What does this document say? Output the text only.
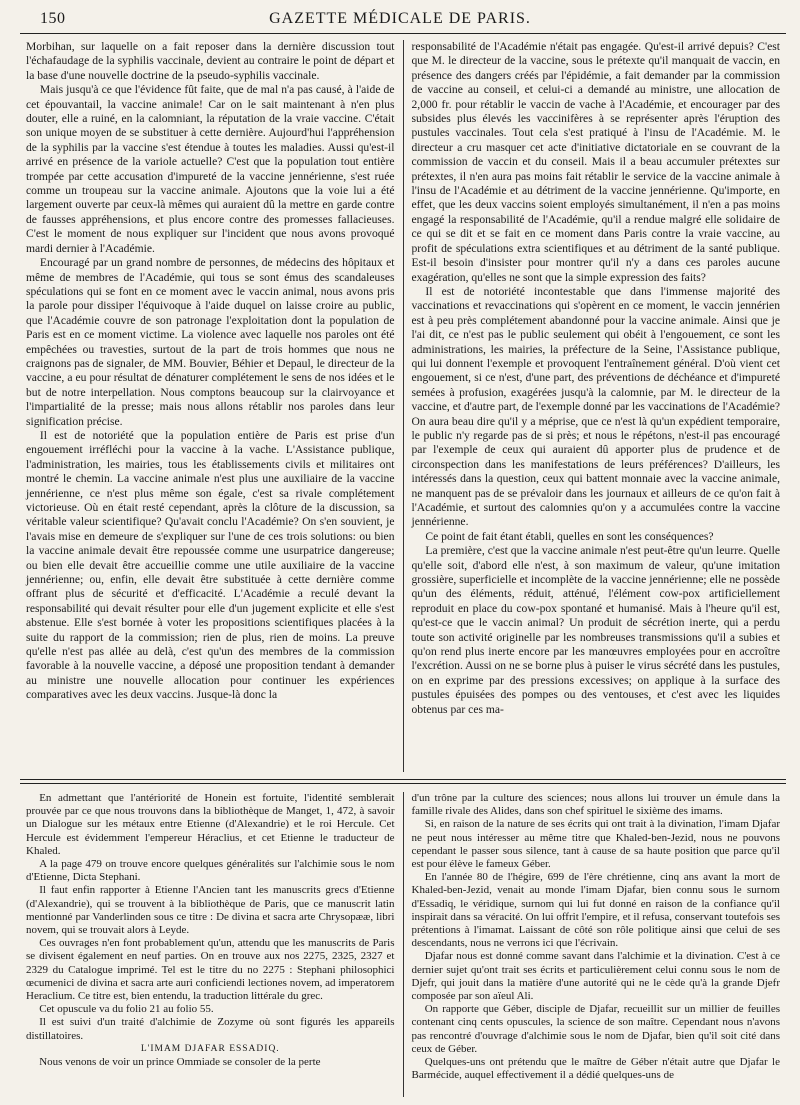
150	GAZETTE MÉDICALE DE PARIS.

Morbihan, sur laquelle on a fait reposer dans la dernière discussion tout l'échafaudage de la syphilis vaccinale, devient au contraire le point de départ et la base d'une nouvelle doctrine de la pseudo-syphilis vaccinale.

Mais jusqu'à ce que l'évidence fût faite, que de mal n'a pas causé, à l'aide de cet épouvantail, la vaccine animale! Car on le sait maintenant à n'en plus douter, elle a ruiné, en la calomniant, la réputation de la vraie vaccine. C'était son unique moyen de se substituer à cette dernière. Aujourd'hui l'appréhension de la syphilis par la vaccine s'est étendue à toutes les maladies. Aussi qu'est-il arrivé en présence de la variole actuelle? C'est que la population tout entière trompée par cette accusation d'impureté de la vaccine jennérienne, s'est ruée comme un troupeau sur la vaccine animale. Ajoutons que la voie lui a été largement ouverte par ceux-là mêmes qui auraient dû la mettre en garde contre de fausses appréhensions, et plus encore contre des promesses fallacieuses. C'est le moment de nous expliquer sur l'incident que nous avons provoqué mardi dernier à l'Académie.

Encouragé par un grand nombre de personnes, de médecins des hôpitaux et même de membres de l'Académie, qui tous se sont émus des scandaleuses spéculations qui se font en ce moment avec le vaccin animal, nous avons pris la parole pour dissiper l'équivoque à l'aide duquel on laisse croire au public, que l'Académie couvre de son patronage l'exploitation dont la population de Paris est en ce moment victime. La violence avec laquelle nos paroles ont été empêchées ou travesties, surtout de la part de trois hommes que nous ne craignons pas de signaler, de MM. Bouvier, Béhier et Depaul, le directeur de la vaccine, a eu pour résultat de dénaturer complétement le sens de nos idées et le but de notre interpellation. Nous comptons beaucoup sur la clairvoyance et l'impartialité de la presse; mais nous allons rétablir nos paroles dans leur signification précise.

Il est de notoriété que la population entière de Paris est prise d'un engouement irréfléchi pour la vaccine à la vache. L'Assistance publique, l'administration, les mairies, tous les établissements civils et militaires ont montré le chemin. La vaccine animale n'est plus une auxiliaire de la vaccine jennérienne, ce n'est plus même son égale, c'est sa rivale complétement victorieuse. Où en était resté cependant, après la clôture de la discussion, sa véritable valeur scientifique? Qu'avait conclu l'Académie? On s'en souvient, je l'avais mise en demeure de s'expliquer sur l'une de ces trois solutions: ou bien la vaccine animale devait être repoussée comme une usurpatrice dangereuse; ou bien elle devait être accueillie comme une utile auxiliaire de la vaccine jennérienne; ou, enfin, elle devait être substituée à cette dernière comme offrant plus de sécurité et d'efficacité. L'Académie a reculé devant la responsabilité qui devait résulter pour elle d'un jugement explicite et elle s'est abstenue. Elle s'est bornée à voter les propositions scientifiques placées à la suite du rapport de la commission; rien de plus, rien de moins. La preuve qu'elle n'est pas allée au delà, c'est qu'un des membres de la commission favorable à la nouvelle vaccine, a déposé une proposition tendant à demander au ministre une nouvelle allocation pour continuer les expériences comparatives avec les deux vaccins. Jusque-là donc la

responsabilité de l'Académie n'était pas engagée. Qu'est-il arrivé depuis? C'est que M. le directeur de la vaccine, sous le prétexte qu'il manquait de vaccin, en présence des dangers créés par l'épidémie, a fait demander par la commission de vaccine au conseil, et celui-ci a demandé au ministre, une allocation de 2,000 fr. pour rétablir le vaccin de vache à l'Académie, et encourager par des subsides plus élevés les vaccinifères à se représenter après l'éruption des pustules vaccinales. Tout cela s'est pratiqué à l'insu de l'Académie. M. le directeur a cru masquer cet acte d'initiative dictatoriale en se couvrant de la commission de vaccin et du conseil. Mais il a beau accumuler prétextes sur prétextes, il n'en aura pas moins fait rétablir le service de la vaccine animale à l'insu de l'Académie et au détriment de la vaccine jennérienne. Qu'importe, en effet, que les deux vaccins soient employés simultanément, il n'en a pas moins engagé la responsabilité de l'Académie, qu'il a rendue malgré elle solidaire de ce qui se dit et se fait en ce moment dans Paris contre la vraie vaccine, au profit de spéculations extra scientifiques et au détriment de la santé publique. Est-il besoin d'insister pour montrer qu'il n'y a dans ces paroles aucune exagération, qu'elles ne sont que la simple expression des faits?

Il est de notoriété incontestable que dans l'immense majorité des vaccinations et revaccinations qui s'opèrent en ce moment, le vaccin jennérien est à peu près complétement abandonné pour la vaccine animale. Ainsi que je l'ai dit, ce n'est pas le public seulement qui obéit à l'engouement, ce sont les administrations, les mairies, la préfecture de la Seine, l'Assistance publique, qui lui donnent l'exemple et provoquent l'entraînement général. D'où vient cet engouement, si ce n'est, d'une part, des préventions de déchéance et d'impureté semées à profusion, exagérées jusqu'à la calomnie, par M. le directeur de la vaccine, et d'autre part, de l'exemple donné par les vaccinations de l'Académie? On aura beau dire qu'il y a méprise, que ce n'est là qu'un expédient temporaire, le public n'y regarde pas de si près; et nous le répétons, n'est-il pas encouragé par l'exemple de ceux qui auraient dû apporter plus de prudence et de circonspection dans les manifestations de leurs préférences? D'ailleurs, les intéressés dans la question, ceux qui battent monnaie avec la vaccine animale, ne manquent pas de se prévaloir dans les journaux et ailleurs de ce qu'on fait à l'Académie, et surtout des calomnies qu'on y a accumulées contre la vaccine jennérienne.

Ce point de fait étant établi, quelles en sont les conséquences?

La première, c'est que la vaccine animale n'est peut-être qu'un leurre. Quelle qu'elle soit, d'abord elle n'est, à son maximum de valeur, qu'une imitation grossière, superficielle et incomplète de la vaccine jennérienne; elle ne possède qu'un des éléments, réduit, atténué, l'élément cow-pox artificiellement reproduit en place du cow-pox spontané et humanisé. Mais à l'heure qu'il est, qu'est-ce que le vaccin animal? Un produit de sécrétion inerte, qui a perdu toute son activité originelle par les nombreuses transmissions qu'il a subies et qu'on rend plus inerte encore par les manœuvres employées pour en accroître l'excrétion. Aussi on ne se borne plus à puiser le virus sécrété dans les pustules, on en exprime par des pressions excessives; on applique à la surface des pustules épuisées des pompes ou des ventouses, et c'est avec les liquides obtenus par ces ma-

En admettant que l'antériorité de Honein est fortuite, l'identité semblerait prouvée par ce que nous trouvons dans la bibliothèque de Manget, 1, 472, à savoir un Dialogue sur les métaux entre Etienne (d'Alexandrie) et le roi Hercule. Cet Hercule est évidemment l'empereur Héraclius, et cet Etienne le traducteur de Khaled.

A la page 479 on trouve encore quelques généralités sur l'alchimie sous le nom d'Etienne, Dicta Stephani.

Il faut enfin rapporter à Etienne l'Ancien tant les manuscrits grecs d'Etienne (d'Alexandrie), qui se trouvent à la bibliothèque de Paris, que ce manuscrit latin mentionné par Vanderlinden sous ce titre : De divina et sacra arte Chrysopææ, libri novem, qui se trouvait alors à Leyde.

Ces ouvrages n'en font probablement qu'un, attendu que les manuscrits de Paris se divisent également en neuf parties. On en trouve aux nos 2275, 2325, 2327 et 2329 du Catalogue imprimé. Tel est le titre du no 2275 : Stephani philosophici œcumenici de divina et sacra arte auri conficiendi lectiones novem, ad imperatorem Heraclium. Ce titre est, bien entendu, la traduction littérale du grec.

Cet opuscule va du folio 21 au folio 55.

Il est suivi d'un traité d'alchimie de Zozyme où sont figurés les appareils distillatoires.

L'IMAM DJAFAR ESSADIQ.

Nous venons de voir un prince Ommiade se consoler de la perte

d'un trône par la culture des sciences; nous allons lui trouver un émule dans la famille rivale des Alides, dans son chef spirituel le sixième des imams.

Si, en raison de la nature de ses écrits qui ont trait à la divination, l'imam Djafar ne peut nous intéresser au même titre que Khaled-ben-Jezid, nous ne pouvons cependant le passer sous silence, tant à cause de sa haute position que parce qu'il est pour élève le fameux Géber.

En l'année 80 de l'hégire, 699 de l'ère chrétienne, cinq ans avant la mort de Khaled-ben-Jezid, venait au monde l'imam Djafar, bien connu sous le surnom d'Essadiq, le véridique, surnom qui lui fut donné en raison de la confiance qu'il inspirait dans sa véracité. On lui offrit l'empire, et il refusa, conservant toutefois ses prétentions à l'imamat. Laissant de côté son rôle politique ainsi que celui de ses descendants, nous ne verrons ici que l'écrivain.

Djafar nous est donné comme savant dans l'alchimie et la divination. C'est à ce dernier sujet qu'ont trait ses écrits et particulièrement celui connu sous le nom de Djefr, qui jouit dans la matière d'une autorité qui ne le cède qu'à la grande Djefr composée par son aïeul Ali.

On rapporte que Géber, disciple de Djafar, recueillit sur un millier de feuilles contenant cinq cents opuscules, la science de son maître. Cependant nous n'avons pas rencontré d'ouvrage d'alchimie sous le nom de Djafar, bien qu'il soit cité dans ceux de Géber.

Quelques-uns ont prétendu que le maître de Géber n'était autre que Djafar le Barmécide, auquel effectivement il a dédié quelques-uns de
